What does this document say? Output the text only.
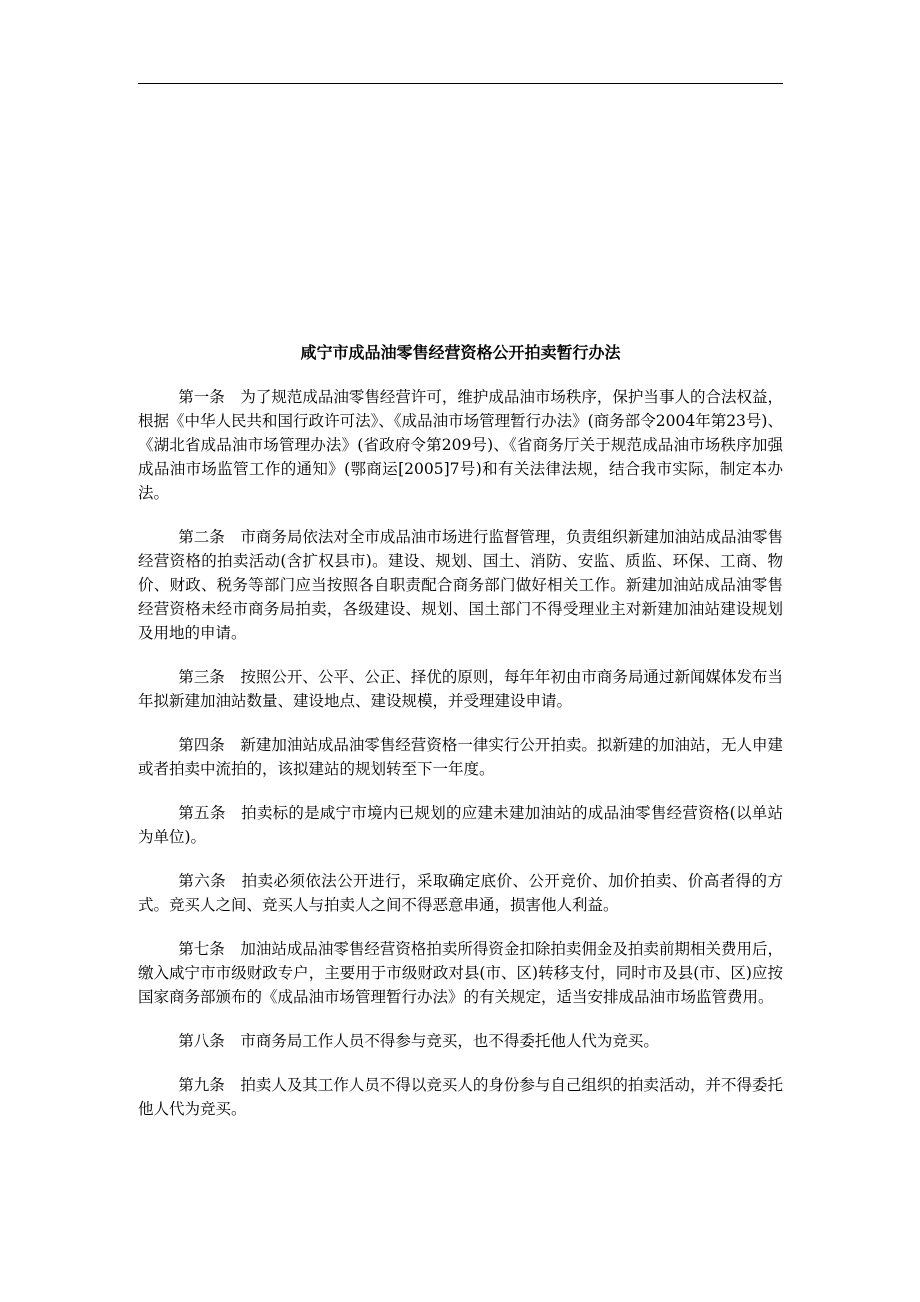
咸宁市成品油零售经营资格公开拍卖暂行办法

第一条 为了规范成品油零售经营许可，维护成品油市场秩序，保护当事人的合法权益，根据《中华人民共和国行政许可法》、《成品油市场管理暂行办法》(商务部令2004年第23号)、《湖北省成品油市场管理办法》(省政府令第209号)、《省商务厅关于规范成品油市场秩序加强成品油市场监管工作的通知》(鄂商运[2005]7号)和有关法律法规，结合我市实际，制定本办法。

第二条 市商务局依法对全市成品油市场进行监督管理，负责组织新建加油站成品油零售经营资格的拍卖活动(含扩权县市)。建设、规划、国土、消防、安监、质监、环保、工商、物价、财政、税务等部门应当按照各自职责配合商务部门做好相关工作。新建加油站成品油零售经营资格未经市商务局拍卖，各级建设、规划、国土部门不得受理业主对新建加油站建设规划及用地的申请。

第三条 按照公开、公平、公正、择优的原则，每年年初由市商务局通过新闻媒体发布当年拟新建加油站数量、建设地点、建设规模，并受理建设申请。

第四条 新建加油站成品油零售经营资格一律实行公开拍卖。拟新建的加油站，无人申建或者拍卖中流拍的，该拟建站的规划转至下一年度。

第五条 拍卖标的是咸宁市境内已规划的应建未建加油站的成品油零售经营资格(以单站为单位)。

第六条 拍卖必须依法公开进行，采取确定底价、公开竞价、加价拍卖、价高者得的方式。竞买人之间、竞买人与拍卖人之间不得恶意串通，损害他人利益。

第七条 加油站成品油零售经营资格拍卖所得资金扣除拍卖佣金及拍卖前期相关费用后，缴入咸宁市市级财政专户，主要用于市级财政对县(市、区)转移支付，同时市及县(市、区)应按国家商务部颁布的《成品油市场管理暂行办法》的有关规定，适当安排成品油市场监管费用。

第八条 市商务局工作人员不得参与竞买，也不得委托他人代为竞买。

第九条 拍卖人及其工作人员不得以竞买人的身份参与自己组织的拍卖活动，并不得委托他人代为竞买。
